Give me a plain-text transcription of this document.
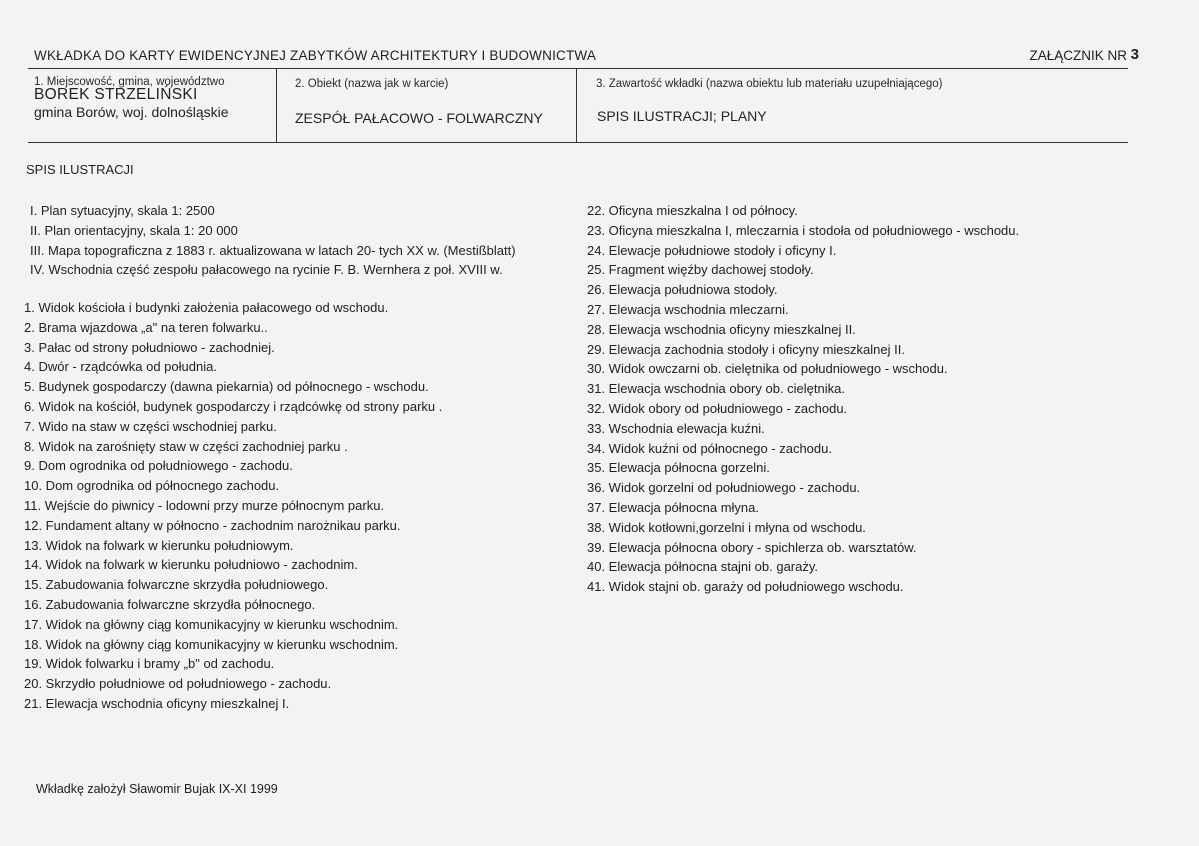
WKŁADKA DO KARTY EWIDENCYJNEJ ZABYTKÓW ARCHITEKTURY I BUDOWNICTWA	ZAŁĄCZNIK NR 3
1. Miejscowość, gmina, województwo
BOREK STRZELIŃSKI
gmina Borów, woj. dolnośląskie
2. Obiekt (nazwa jak w karcie)
ZESPÓŁ PAŁACOWO - FOLWARCZNY
3. Zawartość wkładki (nazwa obiektu lub materiału uzupełniającego)
SPIS ILUSTRACJI; PLANY
SPIS ILUSTRACJI
I. Plan sytuacyjny, skala 1: 2500
II. Plan orientacyjny, skala 1: 20 000
III. Mapa topograficzna z 1883 r. aktualizowana w latach 20- tych XX w. (Mestißblatt)
IV. Wschodnia część zespołu pałacowego na rycinie F. B. Wernhera z poł. XVIII w.
1. Widok kościoła i budynki założenia pałacowego od wschodu.
2. Brama wjazdowa „a" na teren folwarku..
3. Pałac od strony południowo - zachodniej.
4. Dwór - rządcówka od południa.
5. Budynek gospodarczy (dawna piekarnia) od północnego - wschodu.
6. Widok na kościół, budynek gospodarczy i rządcówkę od strony parku .
7. Wido na staw w części wschodniej parku.
8. Widok na zarośnięty staw w części zachodniej parku .
9. Dom ogrodnika od południowego - zachodu.
10. Dom ogrodnika od północnego zachodu.
11. Wejście do piwnicy - lodowni przy murze północnym parku.
12. Fundament altany w północno - zachodnim narożnikau parku.
13. Widok na folwark w kierunku południowym.
14. Widok na folwark w kierunku południowo - zachodnim.
15. Zabudowania folwarczne skrzydła południowego.
16. Zabudowania folwarczne skrzydła północnego.
17. Widok na główny ciąg komunikacyjny w kierunku wschodnim.
18. Widok na główny ciąg komunikacyjny w kierunku wschodnim.
19. Widok folwarku i bramy „b" od zachodu.
20. Skrzydło południowe od południowego - zachodu.
21. Elewacja wschodnia oficyny mieszkalnej I.
22. Oficyna mieszkalna I od północy.
23. Oficyna mieszkalna I, mleczarnia i stodoła od południowego - wschodu.
24. Elewacje południowe stodoły i oficyny I.
25. Fragment więźby dachowej stodoły.
26. Elewacja południowa stodoły.
27. Elewacja wschodnia mleczarni.
28. Elewacja wschodnia oficyny mieszkalnej II.
29. Elewacja zachodnia stodoły i oficyny mieszkalnej II.
30. Widok owczarni ob. cielętnika od południowego - wschodu.
31. Elewacja wschodnia obory ob. cielętnika.
32. Widok obory od południowego - zachodu.
33. Wschodnia elewacja kuźni.
34. Widok kuźni od północnego - zachodu.
35. Elewacja północna gorzelni.
36. Widok gorzelni od południowego - zachodu.
37. Elewacja północna młyna.
38. Widok kotłowni,gorzelni i młyna od wschodu.
39. Elewacja północna obory - spichlerza ob. warsztatów.
40. Elewacja północna stajni ob. garaży.
41. Widok stajni ob. garaży od południowego wschodu.
Wkładkę założył Sławomir Bujak IX-XI 1999
